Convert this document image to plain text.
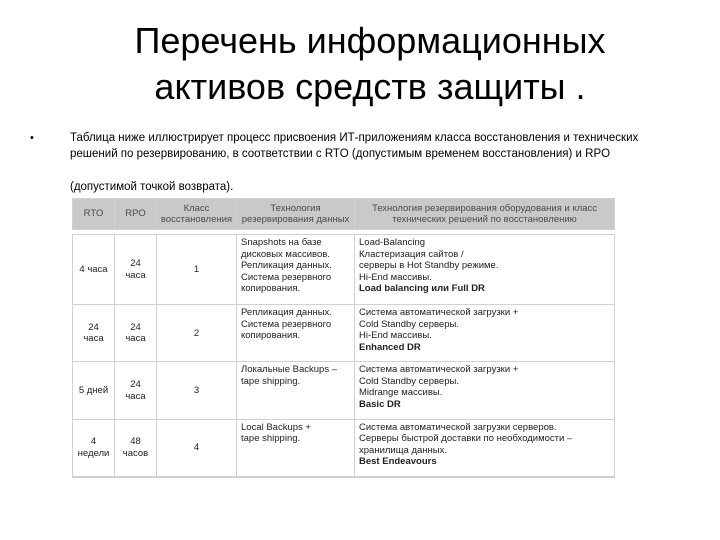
Перечень информационных
активов средств защиты .
•	Таблица ниже иллюстрирует процесс присвоения ИТ-приложениям класса восстановления и технических решений по резервированию, в соответствии с RTO (допустимым временем восстановления) и RPO
(допустимой точкой возврата).
RTO	RPO	Класс восстановления	Технология резервирования данных	Технология резервирования оборудования и класс технических решений по восстановлению

4 часа	24 часа	1	Snapshots на базе
дисковых массивов.
Репликация данных.
Система резервного
копирования.	Load-Balancing
Кластеризация сайтов /
серверы в Hot Standby режиме.
Hi-End массивы.
Load balancing или Full DR

24 часа	24 часа	2	Репликация данных.
Система резервного
копирования.	Система автоматической загрузки +
Cold Standby серверы.
Hi-End массивы.
Enhanced DR

5 дней	24 часа	3	Локальные Backups –
tape shipping.	Система автоматической загрузки +
Cold Standby серверы.
Midrange массивы.
Basic DR

4 недели	48 часов	4	Local Backups +
tape shipping.	Система автоматической загрузки серверов.
Серверы быстрой доставки по необходимости –
хранилища данных.
Best Endeavours
